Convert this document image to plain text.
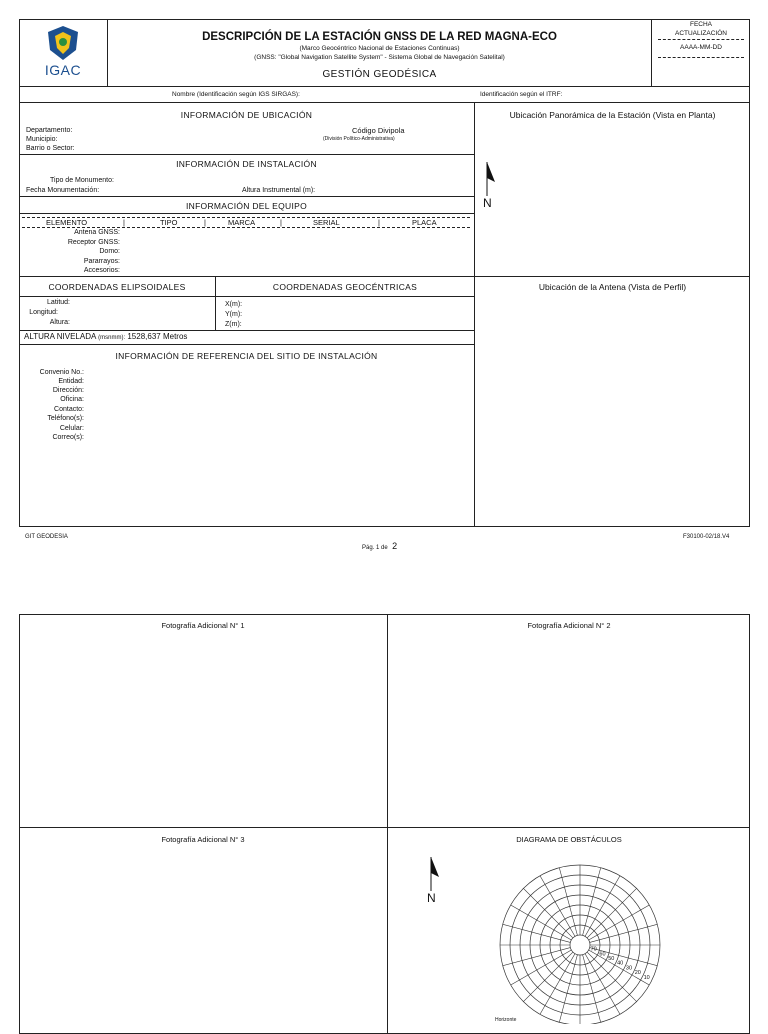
IGAC
DESCRIPCIÓN DE LA ESTACIÓN GNSS DE LA RED MAGNA-ECO
(Marco Geocéntrico Nacional de Estaciones Continuas)
(GNSS: "Global Navigation Satellite System" - Sistema Global de Navegación Satelital)
GESTIÓN GEODÉSICA
FECHA
ACTUALIZACIÓN
AAAA-MM-DD
Nombre (Identificación según IGS SIRGAS):	Identificación según el ITRF:
INFORMACIÓN DE UBICACIÓN
Departamento:
Municipio:
Barrio o Sector:
Código Divipola
(División Político-Administrativa)
Ubicación Panorámica de la Estación (Vista en Planta)
N
INFORMACIÓN DE INSTALACIÓN
Tipo de Monumento:
Fecha Monumentación:	Altura Instrumental (m):
INFORMACIÓN DEL EQUIPO
ELEMENTO	|	TIPO	|	MARCA	|	SERIAL	|	PLACA
Antena GNSS:
Receptor GNSS:
Domo:
Pararrayos:
Accesorios:
COORDENADAS ELIPSOIDALES	COORDENADAS GEOCÉNTRICAS	Ubicación de la Antena (Vista de Perfil)
Latitud:
Longitud:
Altura:
X(m):
Y(m):
Z(m):
ALTURA NIVELADA (msnmm): 1528,637 Metros
INFORMACIÓN DE REFERENCIA DEL SITIO DE INSTALACIÓN
Convenio No.:
Entidad:
Dirección:
Oficina:
Contacto:
Teléfono(s):
Celular:
Correo(s):
GIT GEODESIA
Pág. 1 de 2
F30100-02/18.V4
Fotografía Adicional N° 1	Fotografía Adicional N° 2
Fotografía Adicional N° 3	DIAGRAMA DE OBSTÁCULOS
N
70
60
50
40
30
20
10
Horizonte
